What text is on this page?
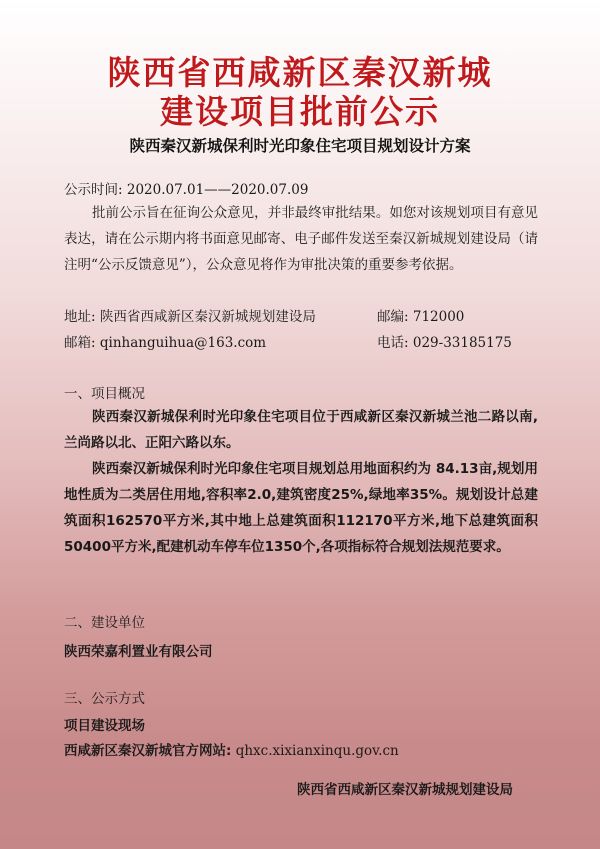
陕西省西咸新区秦汉新城
建设项目批前公示
陕西秦汉新城保利时光印象住宅项目规划设计方案
公示时间: 2020.07.01——2020.07.09
批前公示旨在征询公众意见，并非最终审批结果。如您对该规划项目有意见表达，请在公示期内将书面意见邮寄、电子邮件发送至秦汉新城规划建设局（请注明“公示反馈意见”），公众意见将作为审批决策的重要参考依据。
地址: 陕西省西咸新区秦汉新城规划建设局	邮编: 712000
邮箱: qinhanguihua@163.com	电话: 029-33185175
一、项目概况
陕西秦汉新城保利时光印象住宅项目位于西咸新区秦汉新城兰池二路以南,兰尚路以北、正阳六路以东。
陕西秦汉新城保利时光印象住宅项目规划总用地面积约为 84.13亩,规划用地性质为二类居住用地,容积率2.0,建筑密度25%,绿地率35%。规划设计总建筑面积162570平方米,其中地上总建筑面积112170平方米,地下总建筑面积50400平方米,配建机动车停车位1350个,各项指标符合规划法规范要求。
二、建设单位
陕西荣嘉利置业有限公司
三、公示方式
项目建设现场
西咸新区秦汉新城官方网站: qhxc.xixianxinqu.gov.cn
陕西省西咸新区秦汉新城规划建设局
